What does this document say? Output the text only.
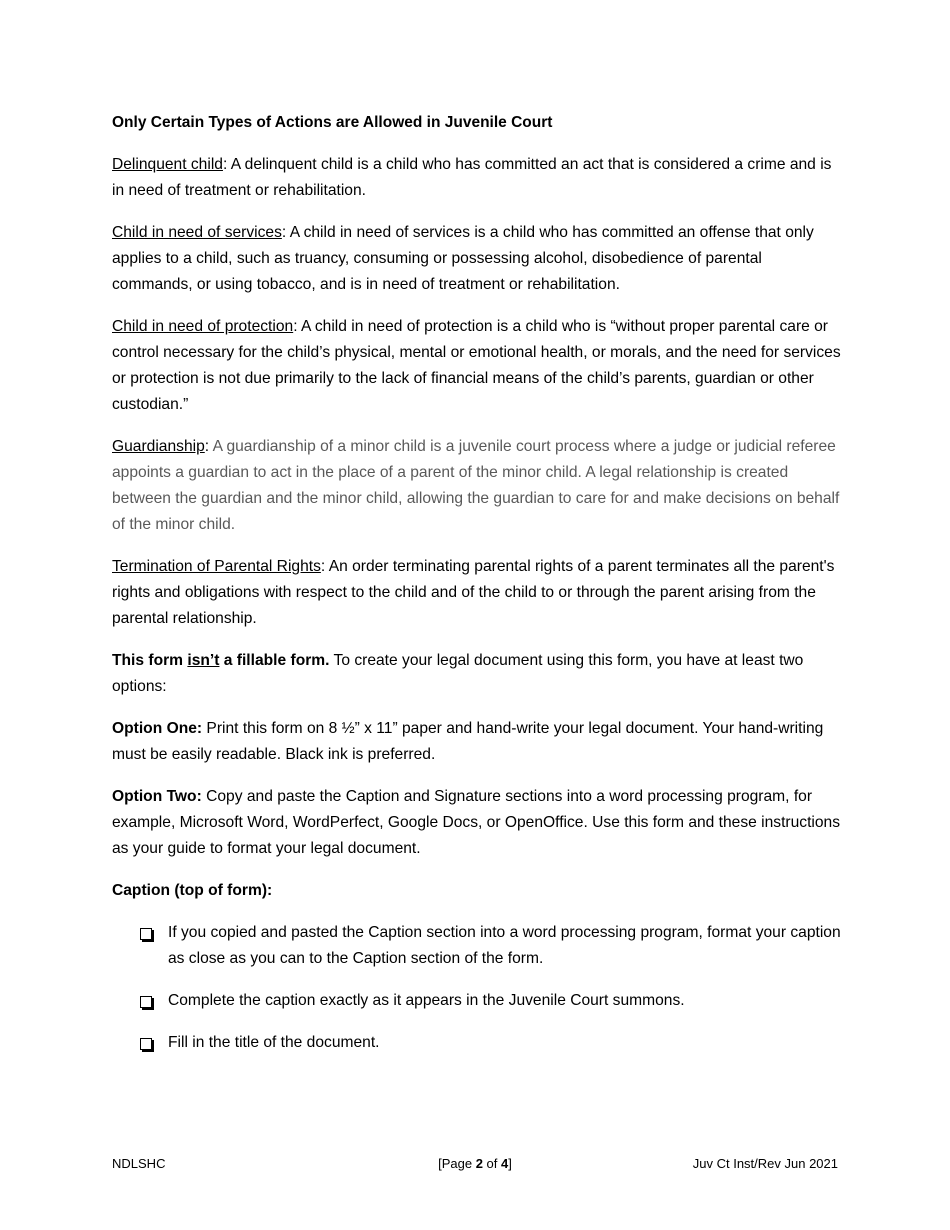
Only Certain Types of Actions are Allowed in Juvenile Court

Delinquent child: A delinquent child is a child who has committed an act that is considered a crime and is in need of treatment or rehabilitation.

Child in need of services: A child in need of services is a child who has committed an offense that only applies to a child, such as truancy, consuming or possessing alcohol, disobedience of parental commands, or using tobacco, and is in need of treatment or rehabilitation.

Child in need of protection: A child in need of protection is a child who is “without proper parental care or control necessary for the child’s physical, mental or emotional health, or morals, and the need for services or protection is not due primarily to the lack of financial means of the child’s parents, guardian or other custodian.”

Guardianship: A guardianship of a minor child is a juvenile court process where a judge or judicial referee appoints a guardian to act in the place of a parent of the minor child. A legal relationship is created between the guardian and the minor child, allowing the guardian to care for and make decisions on behalf of the minor child.

Termination of Parental Rights: An order terminating parental rights of a parent terminates all the parent's rights and obligations with respect to the child and of the child to or through the parent arising from the parental relationship.

This form isn’t a fillable form. To create your legal document using this form, you have at least two options:

Option One: Print this form on 8 ½” x 11” paper and hand-write your legal document. Your hand-writing must be easily readable. Black ink is preferred.

Option Two: Copy and paste the Caption and Signature sections into a word processing program, for example, Microsoft Word, WordPerfect, Google Docs, or OpenOffice. Use this form and these instructions as your guide to format your legal document.

Caption (top of form):

If you copied and pasted the Caption section into a word processing program, format your caption as close as you can to the Caption section of the form.
Complete the caption exactly as it appears in the Juvenile Court summons.
Fill in the title of the document.
NDLSHC	[Page 2 of 4]	Juv Ct Inst/Rev Jun 2021
